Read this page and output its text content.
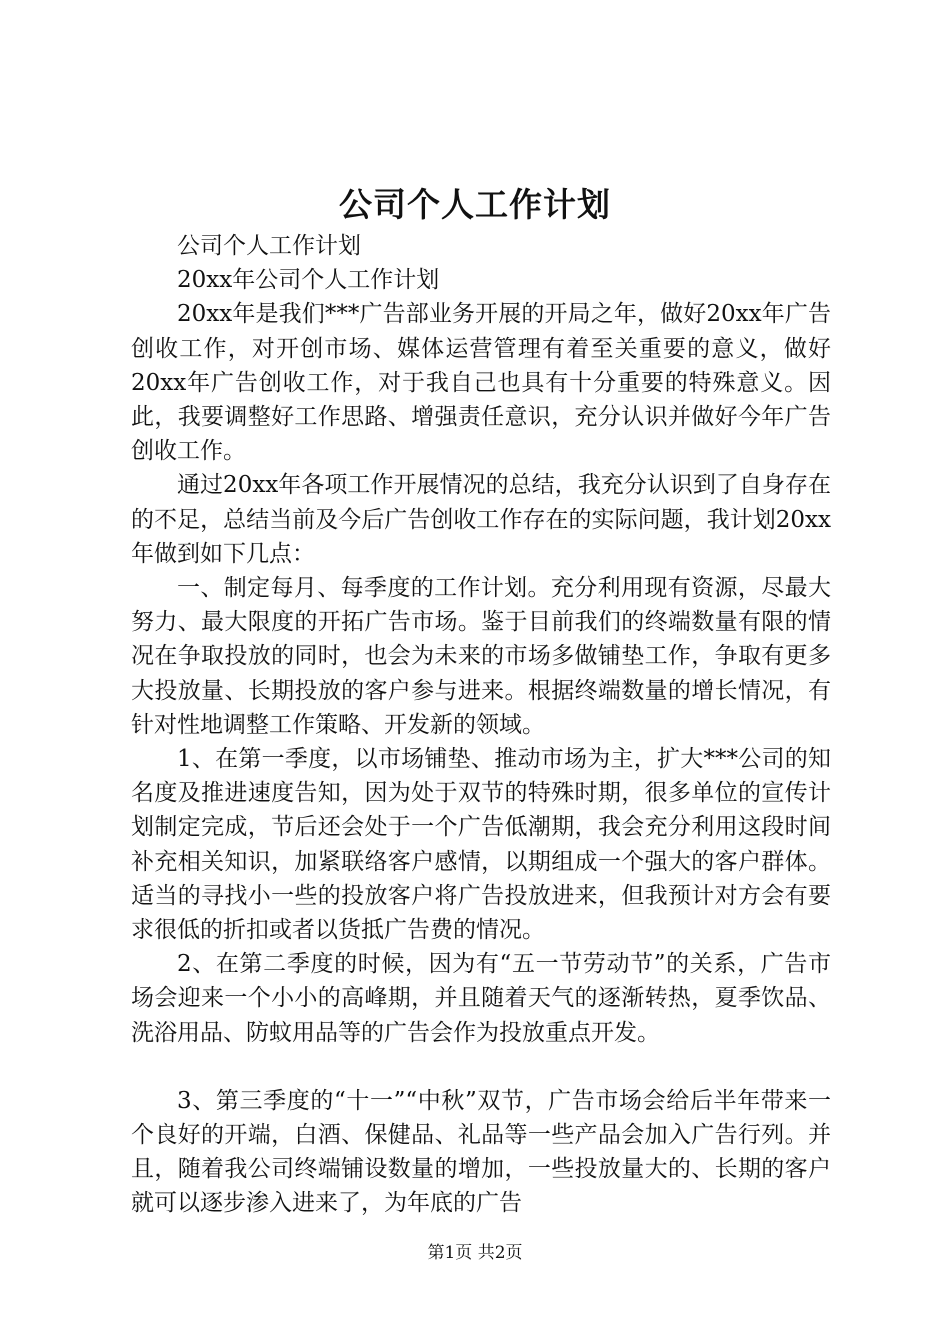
公司个人工作计划

公司个人工作计划

20xx年公司个人工作计划

20xx年是我们***广告部业务开展的开局之年，做好20xx年广告创收工作，对开创市场、媒体运营管理有着至关重要的意义，做好20xx年广告创收工作，对于我自己也具有十分重要的特殊意义。因此，我要调整好工作思路、增强责任意识，充分认识并做好今年广告创收工作。

通过20xx年各项工作开展情况的总结，我充分认识到了自身存在的不足，总结当前及今后广告创收工作存在的实际问题，我计划20xx年做到如下几点：

一、制定每月、每季度的工作计划。充分利用现有资源，尽最大努力、最大限度的开拓广告市场。鉴于目前我们的终端数量有限的情况在争取投放的同时，也会为未来的市场多做铺垫工作，争取有更多大投放量、长期投放的客户参与进来。根据终端数量的增长情况，有针对性地调整工作策略、开发新的领域。

1、在第一季度，以市场铺垫、推动市场为主，扩大***公司的知名度及推进速度告知，因为处于双节的特殊时期，很多单位的宣传计划制定完成，节后还会处于一个广告低潮期，我会充分利用这段时间补充相关知识，加紧联络客户感情，以期组成一个强大的客户群体。适当的寻找小一些的投放客户将广告投放进来，但我预计对方会有要求很低的折扣或者以货抵广告费的情况。

2、在第二季度的时候，因为有“五一节劳动节”的关系，广告市场会迎来一个小小的高峰期，并且随着天气的逐渐转热，夏季饮品、洗浴用品、防蚊用品等的广告会作为投放重点开发。

3、第三季度的“十一”“中秋”双节，广告市场会给后半年带来一个良好的开端，白酒、保健品、礼品等一些产品会加入广告行列。并且，随着我公司终端铺设数量的增加，一些投放量大的、长期的客户就可以逐步渗入进来了，为年底的广告

第1页 共2页
